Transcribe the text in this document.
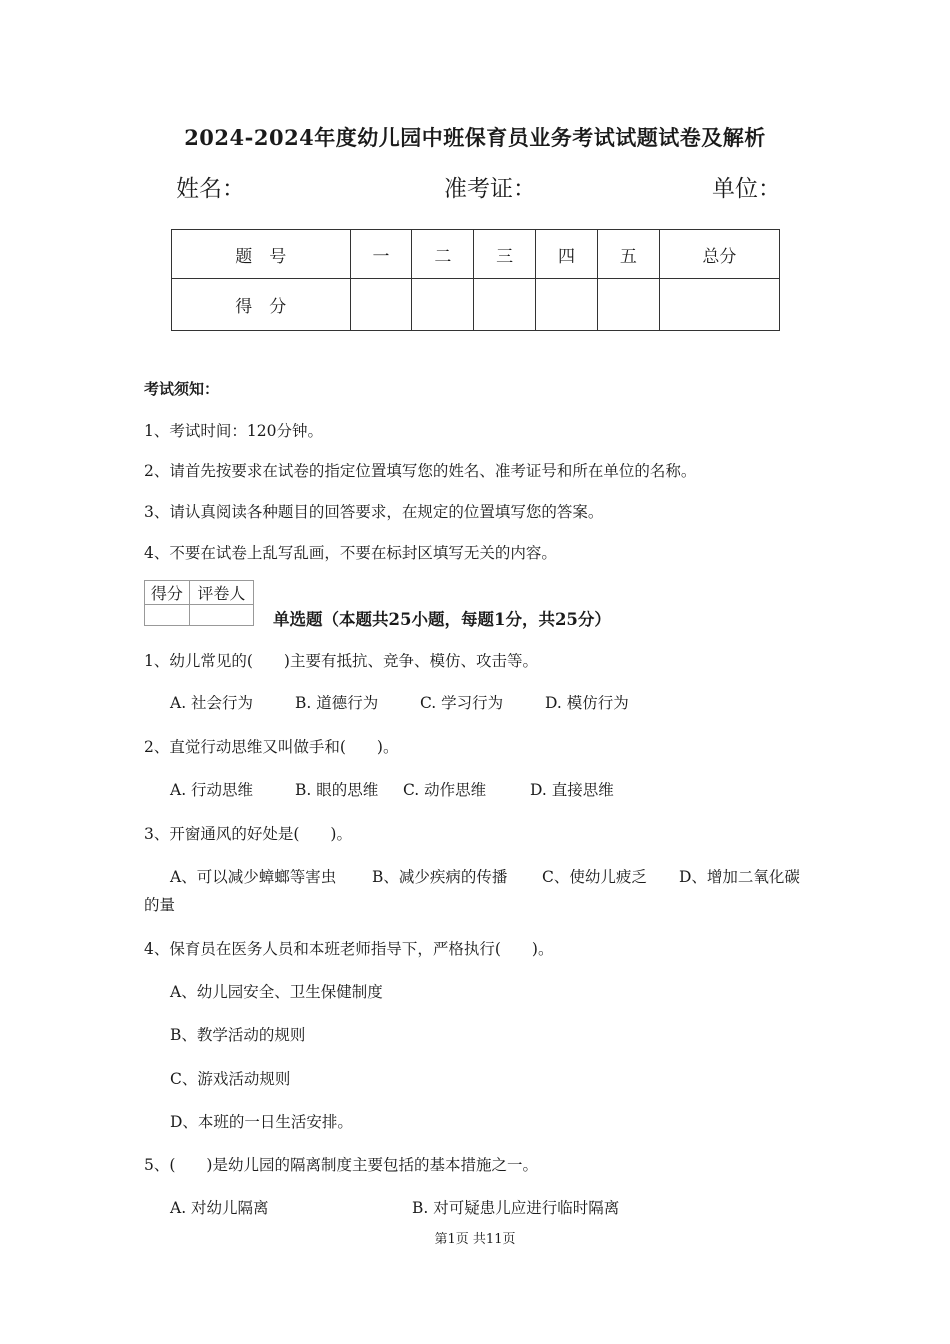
2024-2024年度幼儿园中班保育员业务考试试题试卷及解析
姓名：	准考证：	单位：
题　号	一	二	三	四	五	总分
得　分						
考试须知：
1、考试时间：120分钟。
2、请首先按要求在试卷的指定位置填写您的姓名、准考证号和所在单位的名称。
3、请认真阅读各种题目的回答要求，在规定的位置填写您的答案。
4、不要在试卷上乱写乱画，不要在标封区填写无关的内容。
得分	评卷人

单选题（本题共25小题，每题1分，共25分）
1、幼儿常见的(　　)主要有抵抗、竞争、模仿、攻击等。
A. 社会行为	B. 道德行为	C. 学习行为	D. 模仿行为
2、直觉行动思维又叫做手和(　　)。
A. 行动思维	B. 眼的思维 C. 动作思维	D. 直接思维
3、开窗通风的好处是(　　)。
A、可以减少蟑螂等害虫 B、减少疾病的传播 C、使幼儿疲乏 D、增加二氧化碳
的量
4、保育员在医务人员和本班老师指导下，严格执行(　　)。
A、幼儿园安全、卫生保健制度
B、教学活动的规则
C、游戏活动规则
D、本班的一日生活安排。
5、(　　)是幼儿园的隔离制度主要包括的基本措施之一。
A. 对幼儿隔离	B. 对可疑患儿应进行临时隔离
第1页 共11页
